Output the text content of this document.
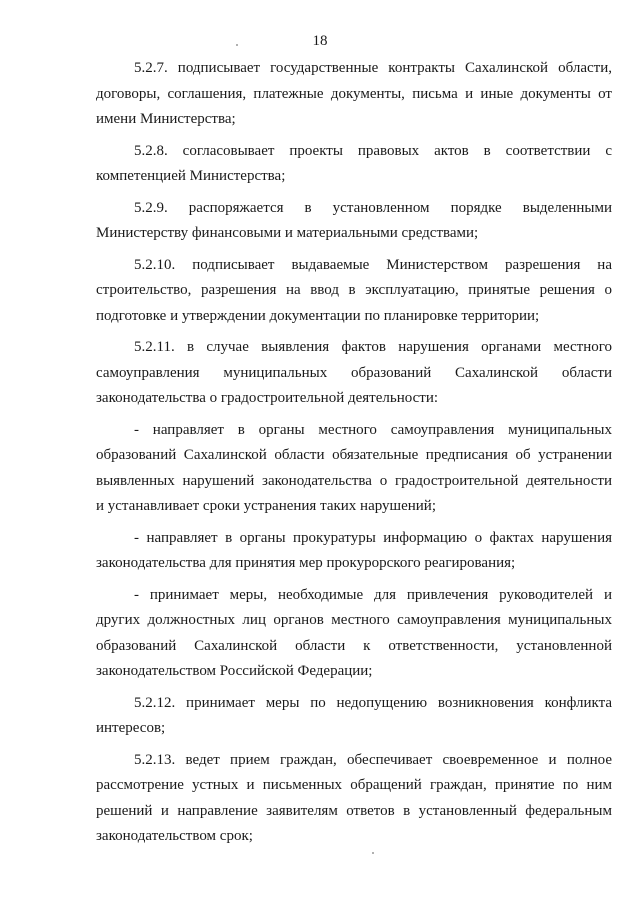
18
5.2.7. подписывает государственные контракты Сахалинской области,
договоры, соглашения, платежные документы, письма и иные документы от
имени Министерства;
5.2.8. согласовывает проекты правовых актов в соответствии с
компетенцией Министерства;
5.2.9. распоряжается в установленном порядке выделенными
Министерству финансовыми и материальными средствами;
5.2.10. подписывает выдаваемые Министерством разрешения на
строительство, разрешения на ввод в эксплуатацию, принятые решения о
подготовке и утверждении документации по планировке территории;
5.2.11. в случае выявления фактов нарушения органами местного
самоуправления муниципальных образований Сахалинской области
законодательства о градостроительной деятельности:
- направляет в органы местного самоуправления муниципальных
образований Сахалинской области обязательные предписания об устранении
выявленных нарушений законодательства о градостроительной деятельности
и устанавливает сроки устранения таких нарушений;
- направляет в органы прокуратуры информацию о фактах нарушения
законодательства для принятия мер прокурорского реагирования;
- принимает меры, необходимые для привлечения руководителей и
других должностных лиц органов местного самоуправления муниципальных
образований Сахалинской области к ответственности, установленной
законодательством Российской Федерации;
5.2.12. принимает меры по недопущению возникновения конфликта
интересов;
5.2.13. ведет прием граждан, обеспечивает своевременное и полное
рассмотрение устных и письменных обращений граждан, принятие по ним
решений и направление заявителям ответов в установленный федеральным
законодательством срок;
